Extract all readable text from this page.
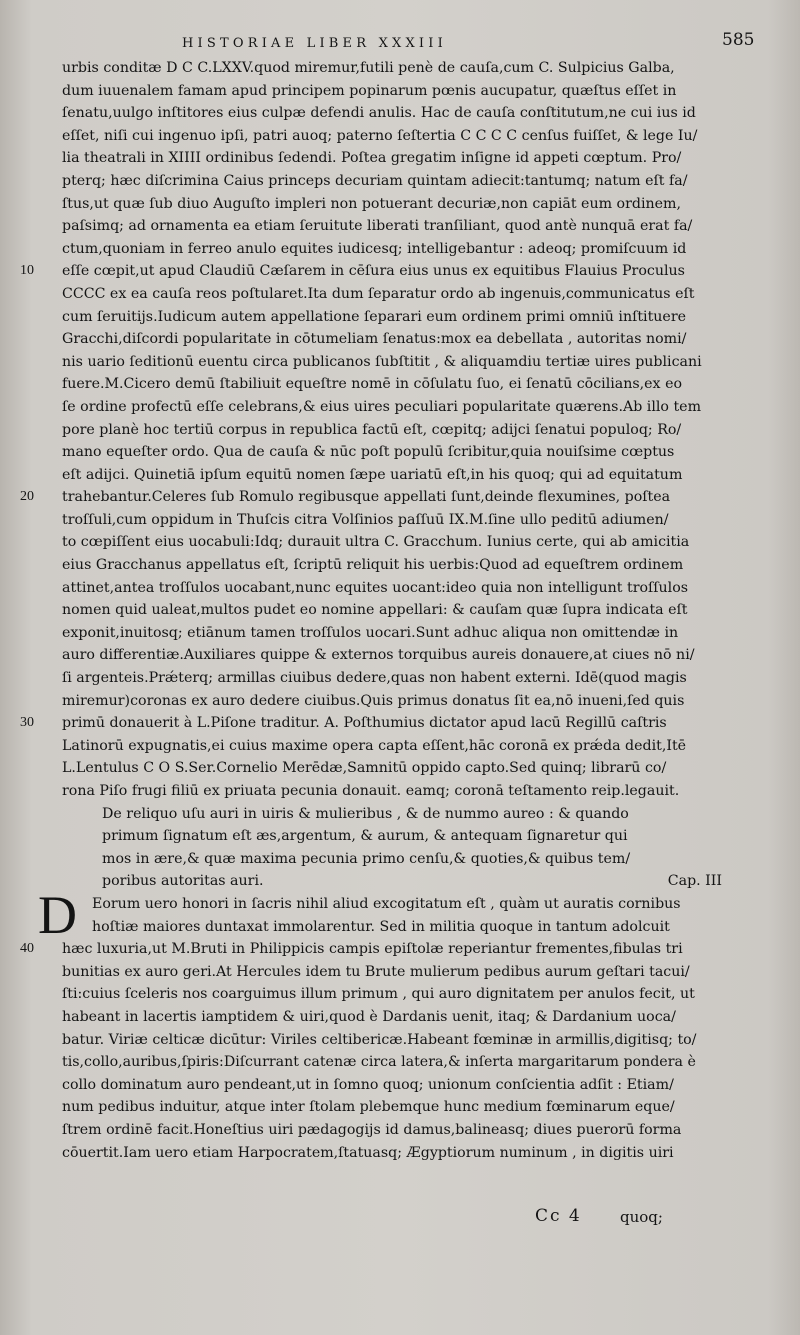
HISTORIAE LIBER XXXIII	585
urbis conditæ D C C.LXXV.quod miremur,futili penè de cauſa,cum C. Sulpicius Galba,
dum iuuenalem famam apud principem popinarum pœnis aucupatur, quæſtus eſſet in
ſenatu,uulgo inſtitores eius culpæ defendi anulis. Hac de cauſa conſtitutum,ne cui ius id
eſſet, niſi cui ingenuo ipſi, patri auoq; paterno ſeſtertia C C C C cenſus fuiſſet, & lege Iu/
lia theatrali in XIIII ordinibus ſedendi. Poſtea gregatim inſigne id appeti cœptum. Pro/
pterq; hæc diſcrimina Caius princeps decuriam quintam adiecit:tantumq; natum eſt fa/
ſtus,ut quæ ſub diuo Auguſto impleri non potuerant decuriæ,non capiāt eum ordinem,
paſsimq; ad ornamenta ea etiam ſeruitute liberati tranſiliant, quod antè nunquā erat fa/
ctum,quoniam in ferreo anulo equites iudicesq; intelligebantur : adeoq; promiſcuum id
eſſe cœpit,ut apud Claudiū Cæſarem in cēſura eius unus ex equitibus Flauius Proculus
CCCC ex ea cauſa reos poſtularet.Ita dum ſeparatur ordo ab ingenuis,communicatus eſt
cum ſeruitijs.Iudicum autem appellatione ſeparari eum ordinem primi omniū inſtituere
Gracchi,diſcordi popularitate in cōtumeliam ſenatus:mox ea debellata , autoritas nomi/
nis uario ſeditionū euentu circa publicanos ſubſtitit , & aliquamdiu tertiæ uires publicani
fuere.M.Cicero demū ſtabiliuit equeſtre nomē in cōſulatu ſuo, ei ſenatū cōcilians,ex eo
ſe ordine profectū eſſe celebrans,& eius uires peculiari popularitate quærens.Ab illo tem
pore planè hoc tertiū corpus in republica factū eſt, cœpitq; adijci ſenatui populoq; Ro/
mano equeſter ordo. Qua de cauſa & nūc poſt populū ſcribitur,quia nouiſsime cœptus
eſt adijci. Quinetiā ipſum equitū nomen ſæpe uariatū eſt,in his quoq; qui ad equitatum
trahebantur.Celeres ſub Romulo regibusque appellati ſunt,deinde flexumines, poſtea
troſſuli,cum oppidum in Thuſcis citra Volſinios paſſuū IX.M.ſine ullo peditū adiumen/
to cœpiſſent eius uocabuli:Idq; durauit ultra C. Gracchum. Iunius certe, qui ab amicitia
eius Gracchanus appellatus eſt, ſcriptū reliquit his uerbis:Quod ad equeſtrem ordinem
attinet,antea troſſulos uocabant,nunc equites uocant:ideo quia non intelligunt troſſulos
nomen quid ualeat,multos pudet eo nomine appellari: & cauſam quæ ſupra indicata eſt
exponit,inuitosq; etiānum tamen troſſulos uocari.Sunt adhuc aliqua non omittendæ in
auro differentiæ.Auxiliares quippe & externos torquibus aureis donauere,at ciues nō ni/
ſi argenteis.Prǽterq; armillas ciuibus dedere,quas non habent externi. Idē(quod magis
miremur)coronas ex auro dedere ciuibus.Quis primus donatus ſit ea,nō inueni,ſed quis
primū donauerit à L.Piſone traditur. A. Poſthumius dictator apud lacū Regillū caſtris
Latinorū expugnatis,ei cuius maxime opera capta eſſent,hāc coronā ex prǽda dedit,Itē
L.Lentulus C O S.Ser.Cornelio Merēdæ,Samnitū oppido capto.Sed quinq; librarū co/
rona Piſo frugi filiū ex priuata pecunia donauit. eamq; coronā teſtamento reip.legauit.
De reliquo uſu auri in uiris & mulieribus , & de nummo aureo : & quando
primum ſignatum eſt æs,argentum, & aurum, & antequam ſignaretur qui
mos in ære,& quæ maxima pecunia primo cenſu,& quoties,& quibus tem/
poribus autoritas auri.	Cap. III
Eorum uero honori in ſacris nihil aliud excogitatum eſt , quàm ut auratis cornibus
hoſtiæ maiores duntaxat immolarentur. Sed in militia quoque in tantum adolcuit
hæc luxuria,ut M.Bruti in Philippicis campis epiſtolæ reperiantur frementes,fibulas tri
bunitias ex auro geri.At Hercules idem tu Brute mulierum pedibus aurum geſtari tacui/
ſti:cuius ſceleris nos coarguimus illum primum , qui auro dignitatem per anulos fecit, ut
habeant in lacertis iamptidem & uiri,quod è Dardanis uenit, itaq; & Dardanium uoca/
batur. Viriæ celticæ dicūtur: Viriles celtibericæ.Habeant fœminæ in armillis,digitisq; to/
tis,collo,auribus,ſpiris:Diſcurrant catenæ circa latera,& inſerta margaritarum pondera è
collo dominatum auro pendeant,ut in ſomno quoq; unionum conſcientia adſit : Etiam/
num pedibus induitur, atque inter ſtolam plebemque hunc medium fœminarum eque/
ſtrem ordinē facit.Honeſtius uiri pædagogijs id damus,balineasq; diues puerorū forma
cōuertit.Iam uero etiam Harpocratem,ſtatuasq; Ægyptiorum numinum , in digitis uiri
D
Cc 4	quoq;
10
20
30
40
